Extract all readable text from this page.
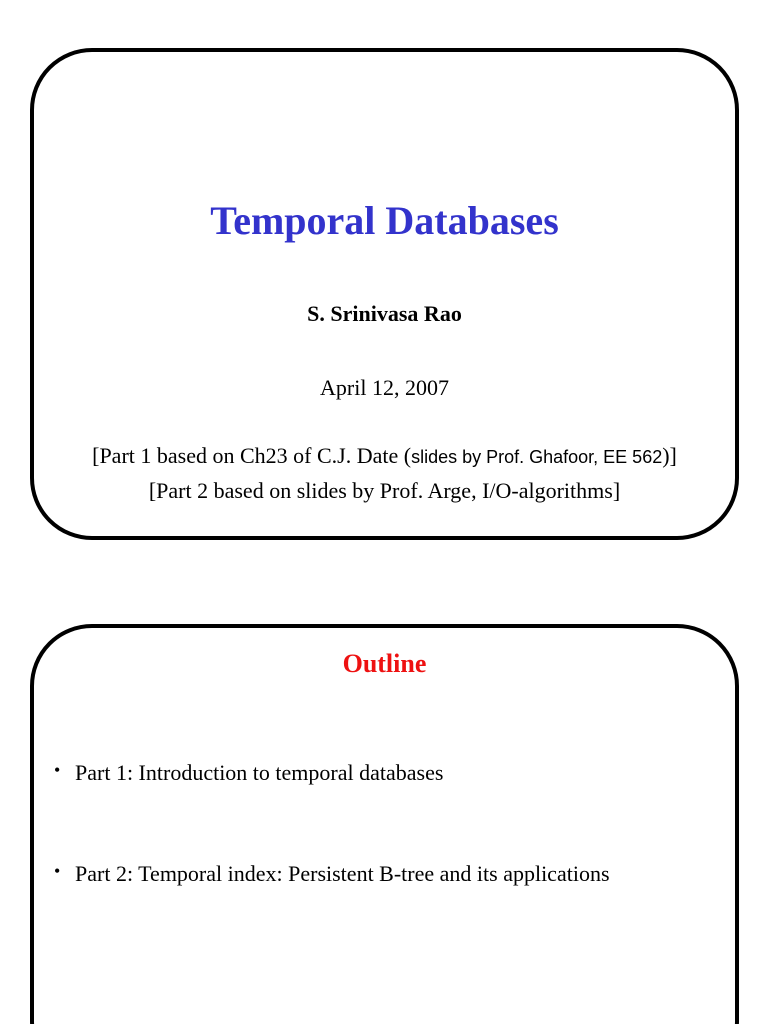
Temporal Databases
S. Srinivasa Rao
April 12, 2007
[Part 1 based on Ch23 of C.J. Date (slides by Prof. Ghafoor, EE 562)]
[Part 2 based on slides by Prof. Arge, I/O-algorithms]
Outline
• Part 1: Introduction to temporal databases
• Part 2: Temporal index: Persistent B-tree and its applications
